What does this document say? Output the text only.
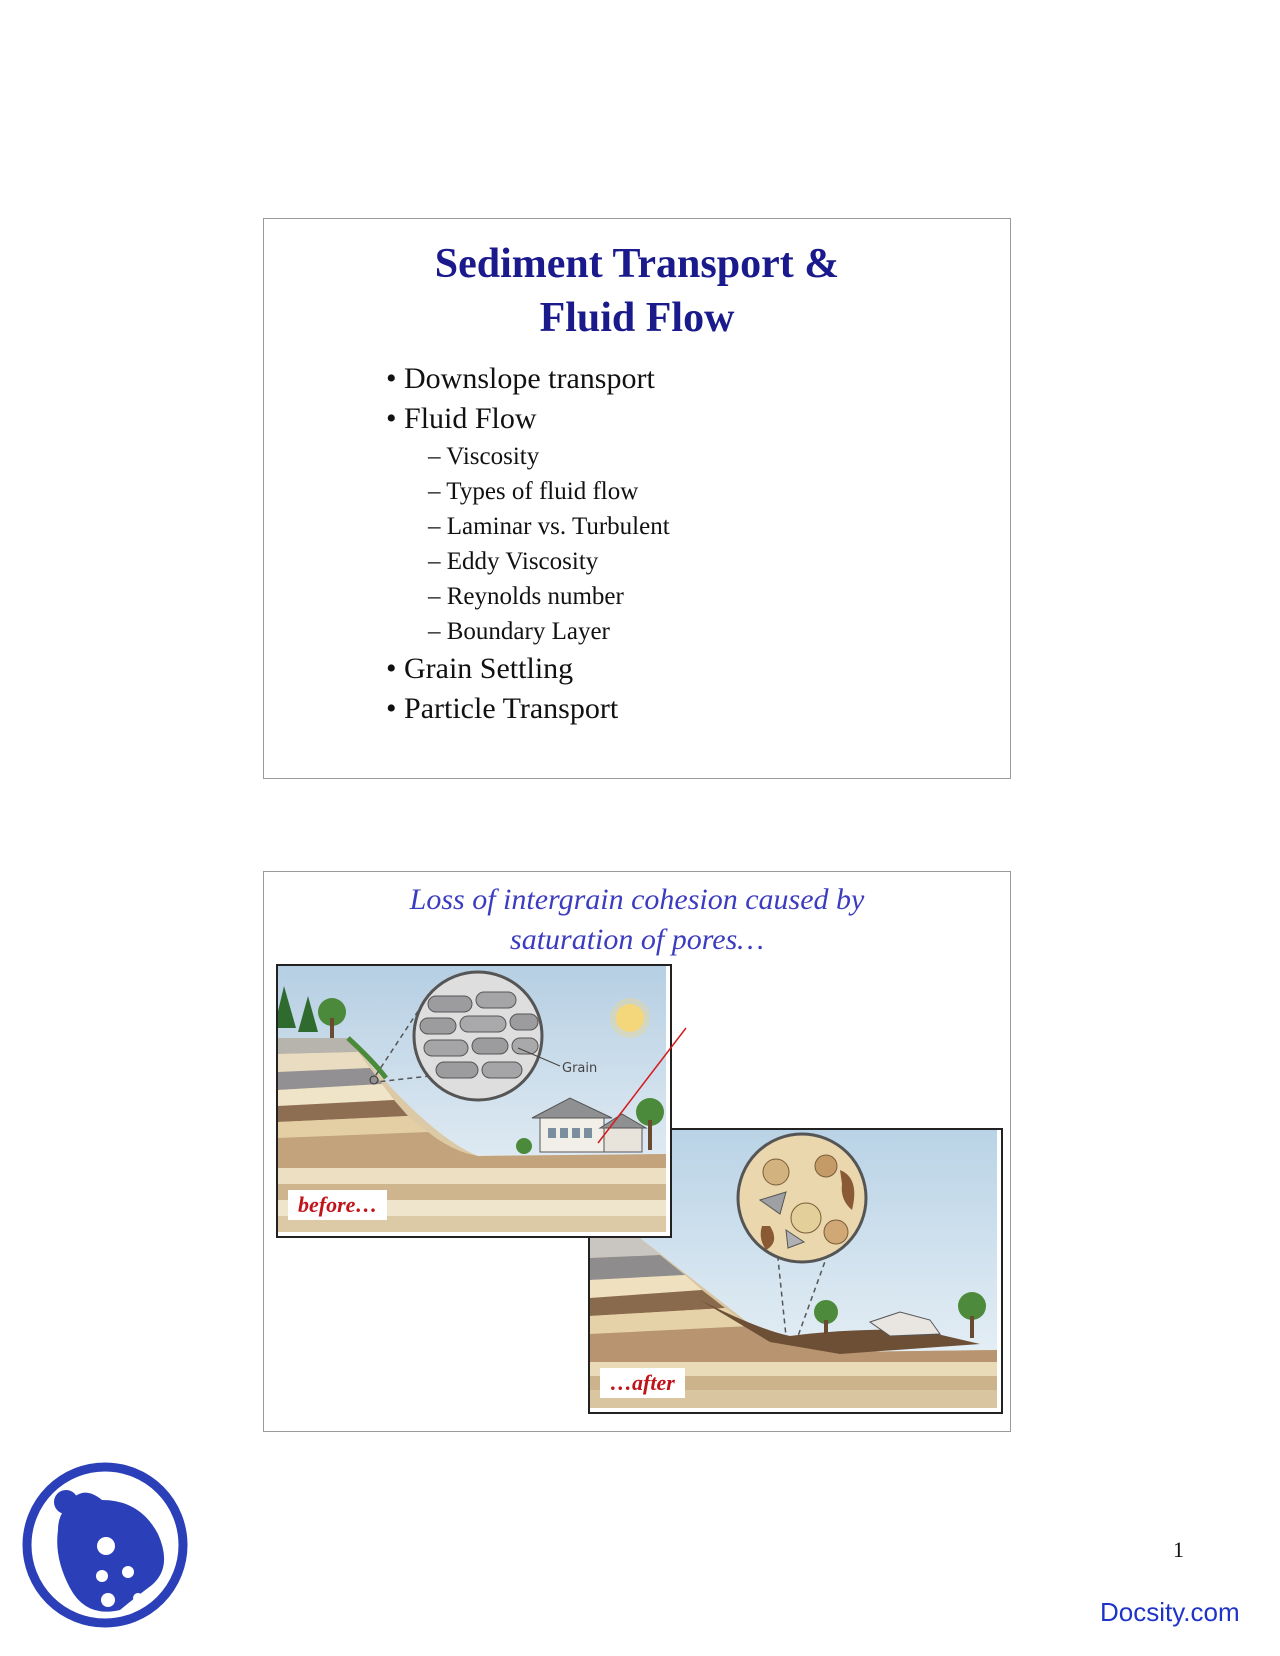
Sediment Transport &
Fluid Flow
• Downslope transport
• Fluid Flow
– Viscosity
– Types of fluid flow
– Laminar vs. Turbulent
– Eddy Viscosity
– Reynolds number
– Boundary Layer
• Grain Settling
• Particle Transport
Loss of intergrain cohesion caused by
saturation of pores…
…after
Grain
before…
1
Docsity.com
